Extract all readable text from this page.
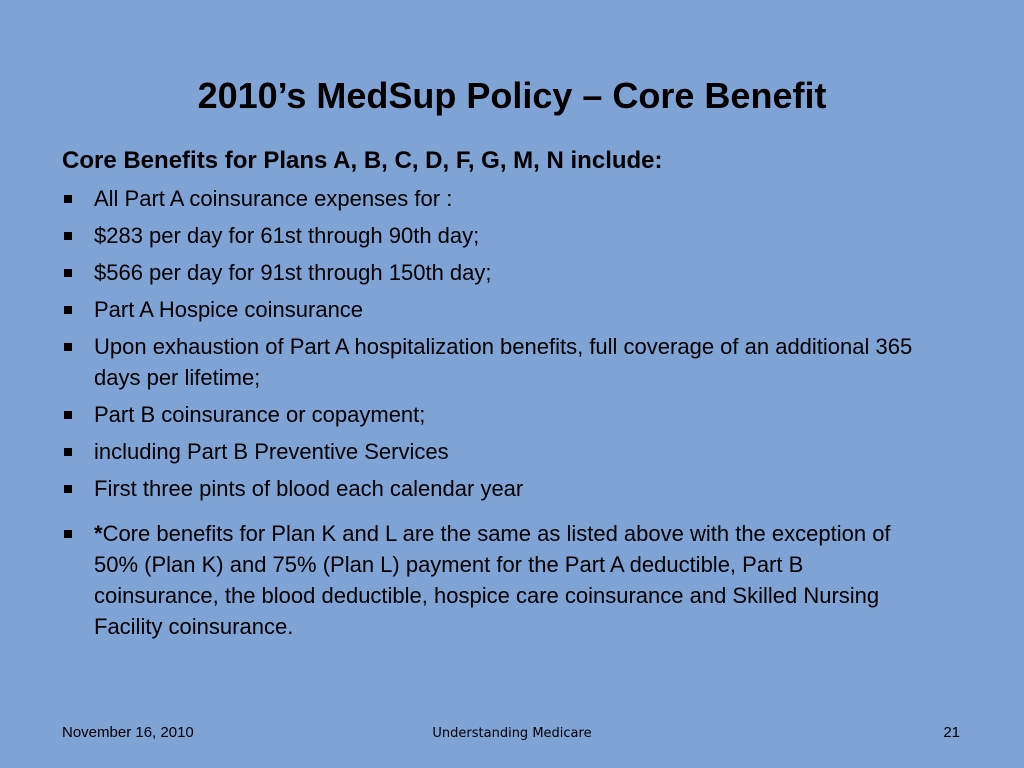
2010’s MedSup Policy – Core Benefit

Core Benefits for Plans A, B, C, D, F, G, M, N include:

All Part A coinsurance expenses for :
$283 per day for 61st through 90th day;
$566 per day for 91st through 150th day;
Part A Hospice coinsurance
Upon exhaustion of Part A hospitalization benefits, full coverage of an additional 365 days per lifetime;
Part B coinsurance or copayment;
including Part B Preventive Services
First three pints of blood each calendar year
*Core benefits for Plan K and L are the same as listed above with the exception of 50% (Plan K) and 75% (Plan L) payment for the Part A deductible, Part B coinsurance, the blood deductible, hospice care coinsurance and Skilled Nursing Facility coinsurance.
November 16, 2010	Understanding Medicare	21
